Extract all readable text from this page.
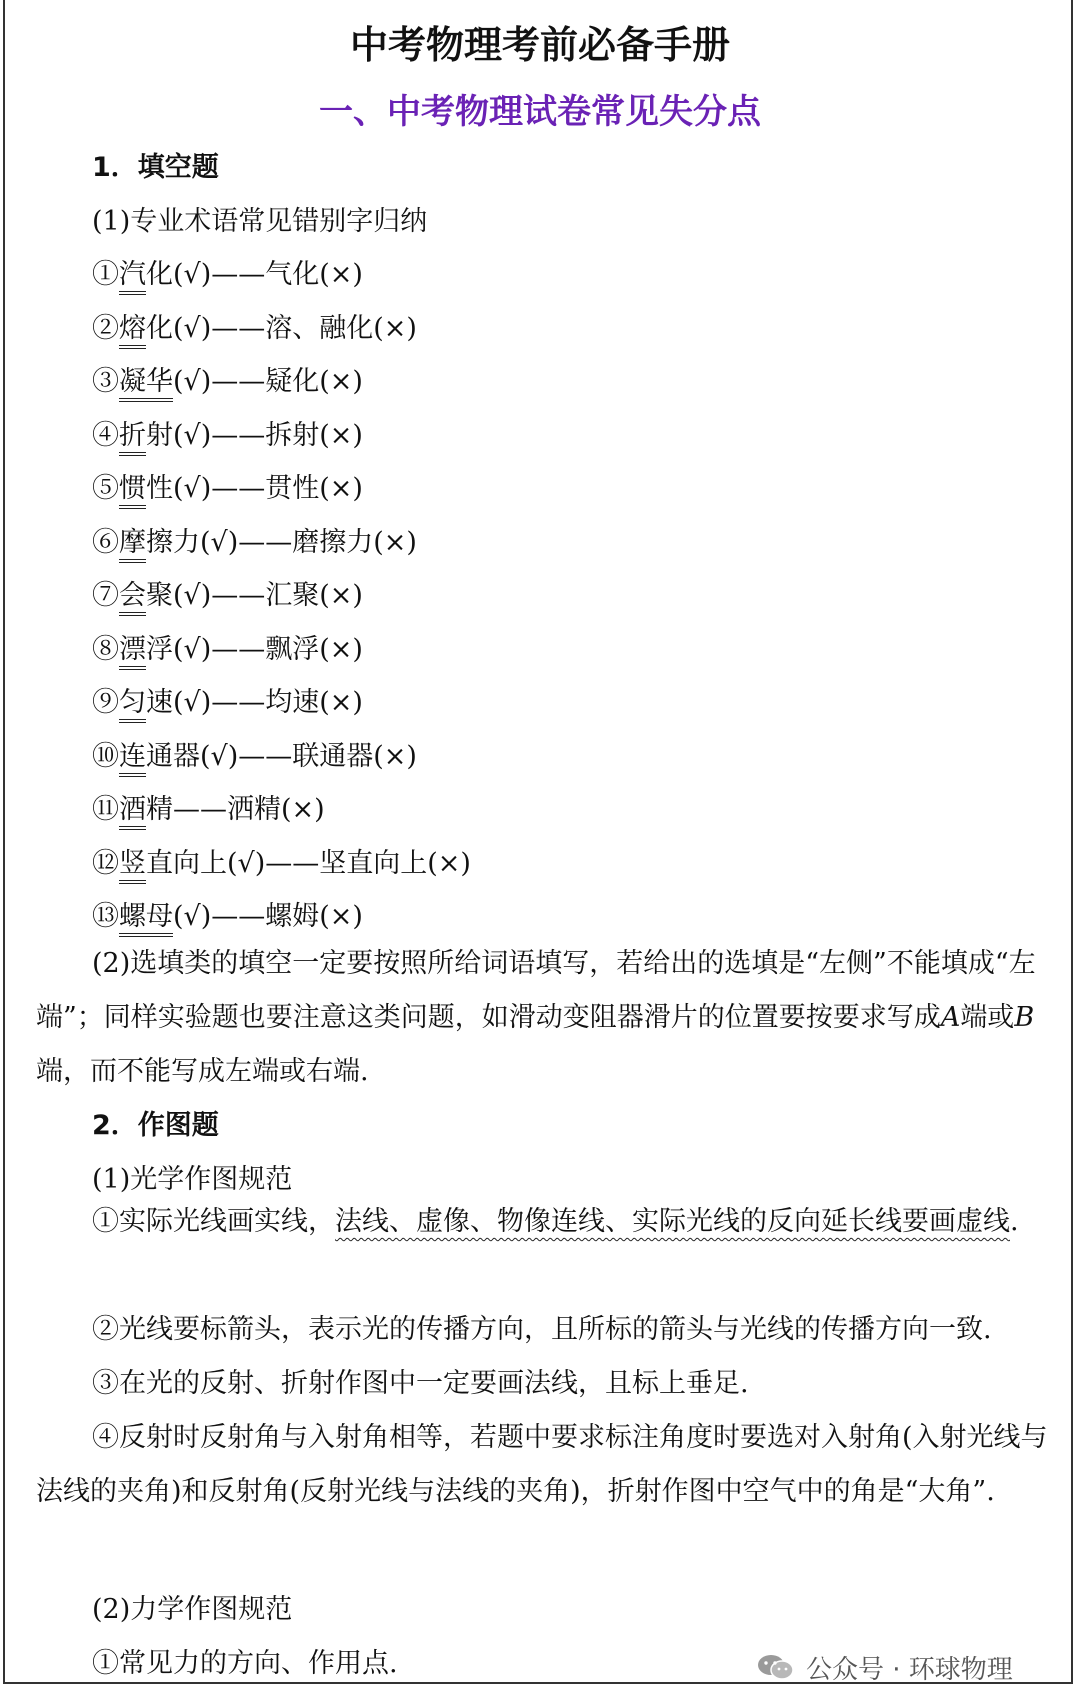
中考物理考前必备手册
一、中考物理试卷常见失分点
1．填空题
(1)专业术语常见错别字归纳
①汽化(√)——气化(×)
②熔化(√)——溶、融化(×)
③凝华(√)——疑化(×)
④折射(√)——拆射(×)
⑤惯性(√)——贯性(×)
⑥摩擦力(√)——磨擦力(×)
⑦会聚(√)——汇聚(×)
⑧漂浮(√)——飘浮(×)
⑨匀速(√)——均速(×)
⑩连通器(√)——联通器(×)
⑪酒精——洒精(×)
⑫竖直向上(√)——坚直向上(×)
⑬螺母(√)——螺姆(×)
(2)选填类的填空一定要按照所给词语填写，若给出的选填是“左侧”不能填成“左端”；同样实验题也要注意这类问题，如滑动变阻器滑片的位置要按要求写成A端或B端，而不能写成左端或右端.
2．作图题
(1)光学作图规范
①实际光线画实线，法线、虚像、物像连线、实际光线的反向延长线要画虚线.
②光线要标箭头，表示光的传播方向，且所标的箭头与光线的传播方向一致.
③在光的反射、折射作图中一定要画法线，且标上垂足.
④反射时反射角与入射角相等，若题中要求标注角度时要选对入射角(入射光线与法线的夹角)和反射角(反射光线与法线的夹角)，折射作图中空气中的角是“大角”.
(2)力学作图规范
①常见力的方向、作用点.	公众号 · 环球物理
